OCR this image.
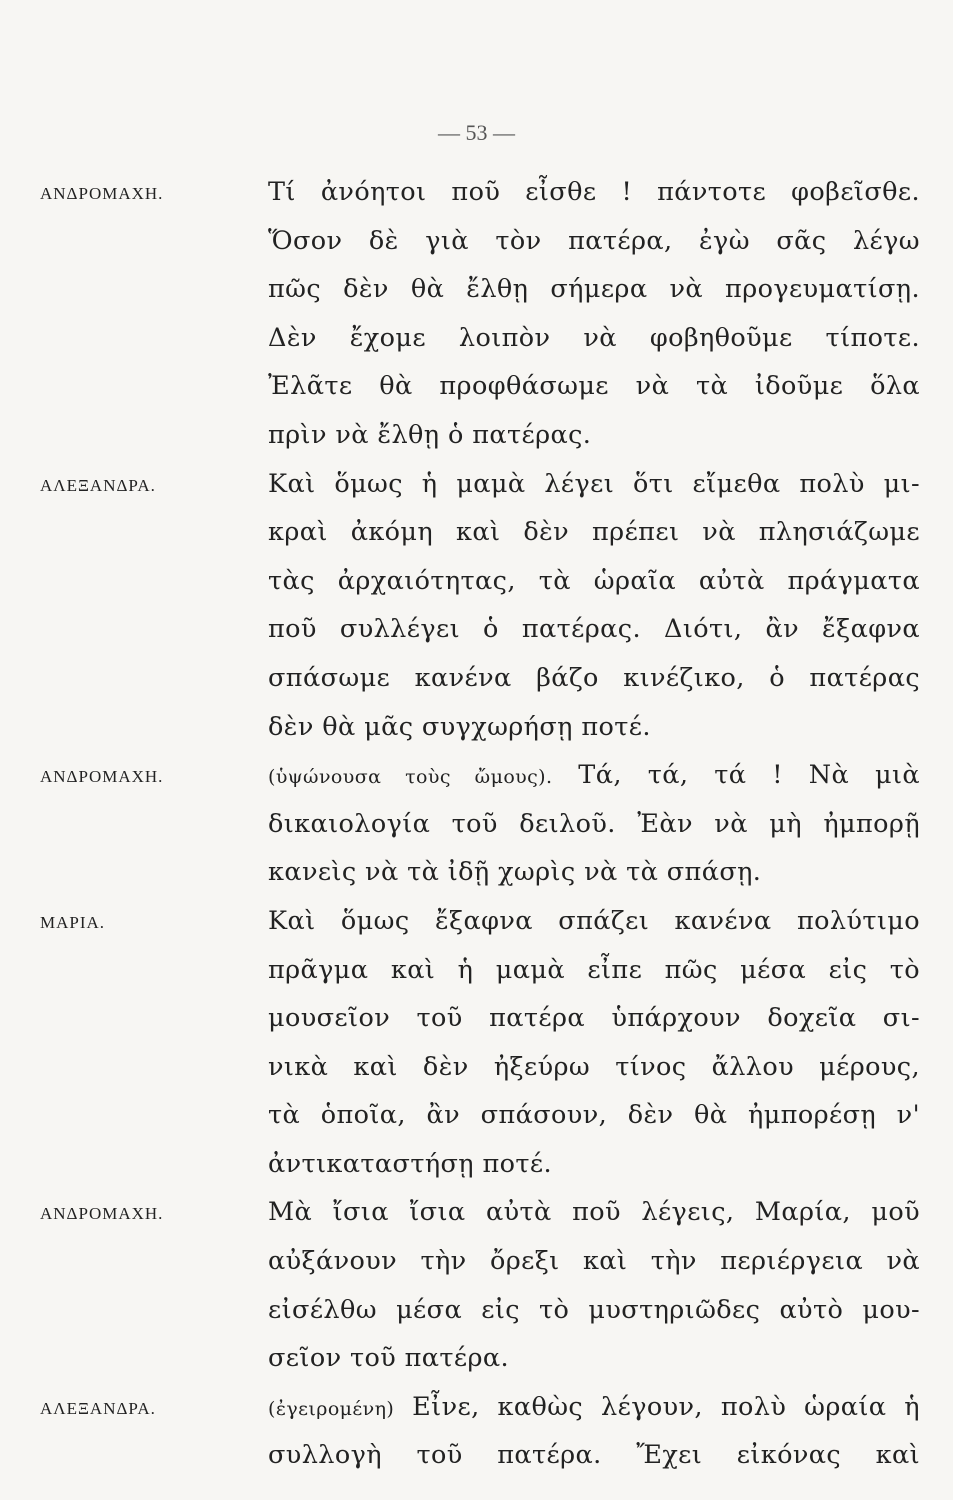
— 53 —
ΑΝΔΡΟΜΑΧΗ.	Τί ἀνόητοι ποῦ εἶσθε ! πάντοτε φοβεῖσθε.
Ὅσον δὲ γιὰ τὸν πατέρα, ἐγὼ σᾶς λέγω
πῶς δὲν θὰ ἔλθῃ σήμερα νὰ προγευματίσῃ.
Δὲν ἔχομε λοιπὸν νὰ φοβηθοῦμε τίποτε.
Ἐλᾶτε θὰ προφθάσωμε νὰ τὰ ἰδοῦμε ὅλα
πρὶν νὰ ἔλθῃ ὁ πατέρας.
ΑΛΕΞΑΝΔΡΑ.	Καὶ ὅμως ἡ μαμὰ λέγει ὅτι εἴμεθα πολὺ μι-
κραὶ ἀκόμη καὶ δὲν πρέπει νὰ πλησιάζωμε
τὰς ἀρχαιότητας, τὰ ὡραῖα αὐτὰ πράγματα
ποῦ συλλέγει ὁ πατέρας. Διότι, ἂν ἔξαφνα
σπάσωμε κανένα βάζο κινέζικο, ὁ πατέρας
δὲν θὰ μᾶς συγχωρήσῃ ποτέ.
ΑΝΔΡΟΜΑΧΗ.	(ὑψώνουσα τοὺς ὤμους). Τά, τά, τά ! Νὰ μιὰ
δικαιολογία τοῦ δειλοῦ. Ἐὰν νὰ μὴ ἠμπορῇ
κανεὶς νὰ τὰ ἰδῇ χωρὶς νὰ τὰ σπάσῃ.
ΜΑΡΙΑ.	Καὶ ὅμως ἔξαφνα σπάζει κανένα πολύτιμο
πρᾶγμα καὶ ἡ μαμὰ εἶπε πῶς μέσα εἰς τὸ
μουσεῖον τοῦ πατέρα ὑπάρχουν δοχεῖα σι-
νικὰ καὶ δὲν ἠξεύρω τίνος ἄλλου μέρους,
τὰ ὁποῖα, ἂν σπάσουν, δὲν θὰ ἠμπορέσῃ ν'
ἀντικαταστήσῃ ποτέ.
ΑΝΔΡΟΜΑΧΗ.	Μὰ ἴσια ἴσια αὐτὰ ποῦ λέγεις, Μαρία, μοῦ
αὐξάνουν τὴν ὄρεξι καὶ τὴν περιέργεια νὰ
εἰσέλθω μέσα εἰς τὸ μυστηριῶδες αὐτὸ μου-
σεῖον τοῦ πατέρα.
ΑΛΕΞΑΝΔΡΑ.	(ἐγειρομένη) Εἶνε, καθὼς λέγουν, πολὺ ὡραία ἡ
συλλογὴ τοῦ πατέρα. Ἔχει εἰκόνας καὶ
